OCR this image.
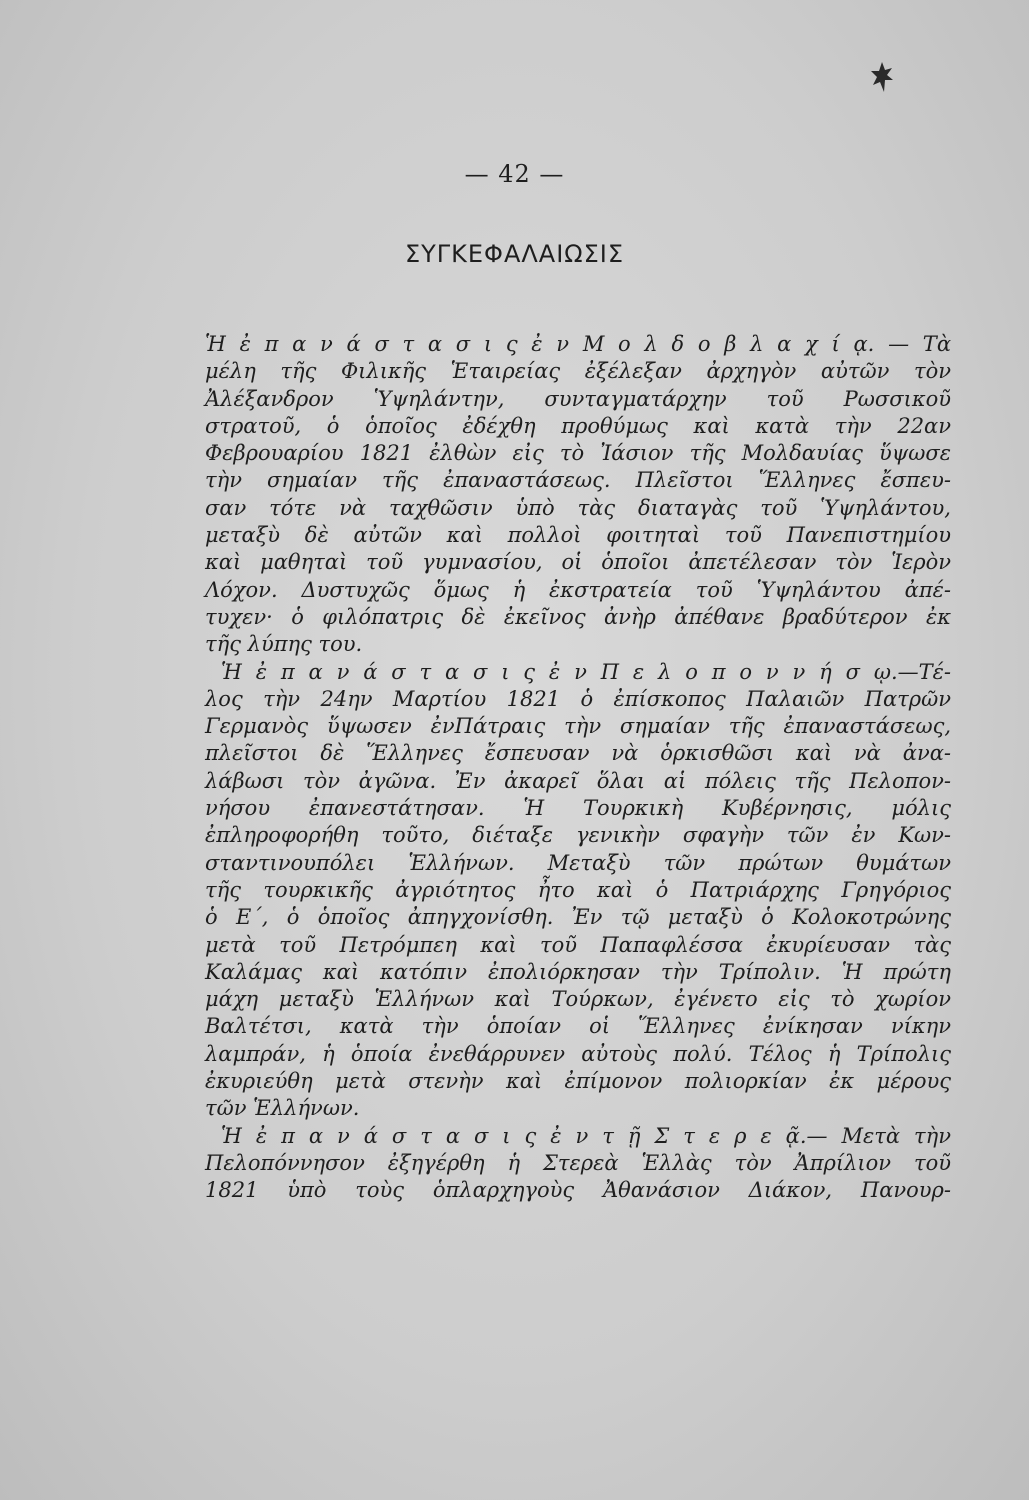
— 42 —
ΣΥΓΚΕΦΑΛΑΙΩΣΙΣ
Ἡ ἐ π α ν ά σ τ α σ ι ς ἐ ν Μ ο λ δ ο β λ α χ ί ᾳ. — Τὰ
μέλη τῆς Φιλικῆς Ἑταιρείας ἐξέλεξαν ἀρχηγὸν αὐτῶν τὸν
Ἀλέξανδρον Ὑψηλάντην, συνταγματάρχην τοῦ Ρωσσικοῦ
στρατοῦ, ὁ ὁποῖος ἐδέχθη προθύμως καὶ κατὰ τὴν 22αν
Φεβρουαρίου 1821 ἐλθὼν εἰς τὸ Ἰάσιον τῆς Μολδαυίας ὕψωσε
τὴν σημαίαν τῆς ἐπαναστάσεως. Πλεῖστοι Ἕλληνες ἔσπευ-
σαν τότε νὰ ταχθῶσιν ὑπὸ τὰς διαταγὰς τοῦ Ὑψηλάντου,
μεταξὺ δὲ αὐτῶν καὶ πολλοὶ φοιτηταὶ τοῦ Πανεπιστημίου
καὶ μαθηταὶ τοῦ γυμνασίου, οἱ ὁποῖοι ἀπετέλεσαν τὸν Ἱερὸν
Λόχον. Δυστυχῶς ὅμως ἡ ἐκστρατεία τοῦ Ὑψηλάντου ἀπέ-
τυχεν· ὁ φιλόπατρις δὲ ἐκεῖνος ἀνὴρ ἀπέθανε βραδύτερον ἐκ
τῆς λύπης του.
Ἡ ἐ π α ν ά σ τ α σ ι ς ἐ ν Π ε λ ο π ο ν ν ή σ ῳ.—Τέ-
λος τὴν 24ην Μαρτίου 1821 ὁ ἐπίσκοπος Παλαιῶν Πατρῶν
Γερμανὸς ὕψωσεν ἐνΠάτραις τὴν σημαίαν τῆς ἐπαναστάσεως,
πλεῖστοι δὲ Ἕλληνες ἔσπευσαν νὰ ὁρκισθῶσι καὶ νὰ ἀνα-
λάβωσι τὸν ἀγῶνα. Ἐν ἀκαρεῖ ὅλαι αἱ πόλεις τῆς Πελοπον-
νήσου ἐπανεστάτησαν. Ἡ Τουρκικὴ Κυβέρνησις, μόλις
ἐπληροφορήθη τοῦτο, διέταξε γενικὴν σφαγὴν τῶν ἐν Κων-
σταντινουπόλει Ἑλλήνων. Μεταξὺ τῶν πρώτων θυμάτων
τῆς τουρκικῆς ἀγριότητος ἦτο καὶ ὁ Πατριάρχης Γρηγόριος
ὁ Ε΄, ὁ ὁποῖος ἀπηγχονίσθη. Ἐν τῷ μεταξὺ ὁ Κολοκοτρώνης
μετὰ τοῦ Πετρόμπεη καὶ τοῦ Παπαφλέσσα ἐκυρίευσαν τὰς
Καλάμας καὶ κατόπιν ἐπολιόρκησαν τὴν Τρίπολιν. Ἡ πρώτη
μάχη μεταξὺ Ἑλλήνων καὶ Τούρκων, ἐγένετο εἰς τὸ χωρίον
Βαλτέτσι, κατὰ τὴν ὁποίαν οἱ Ἕλληνες ἐνίκησαν νίκην
λαμπράν, ἡ ὁποία ἐνεθάρρυνεν αὐτοὺς πολύ. Τέλος ἡ Τρίπολις
ἐκυριεύθη μετὰ στενὴν καὶ ἐπίμονον πολιορκίαν ἐκ μέρους
τῶν Ἑλλήνων.
Ἡ ἐ π α ν ά σ τ α σ ι ς ἐ ν τ ῇ Σ τ ε ρ ε ᾷ.— Μετὰ τὴν
Πελοπόννησον ἐξηγέρθη ἡ Στερεὰ Ἑλλὰς τὸν Ἀπρίλιον τοῦ
1821 ὑπὸ τοὺς ὁπλαρχηγοὺς Ἀθανάσιον Διάκον, Πανουρ-
